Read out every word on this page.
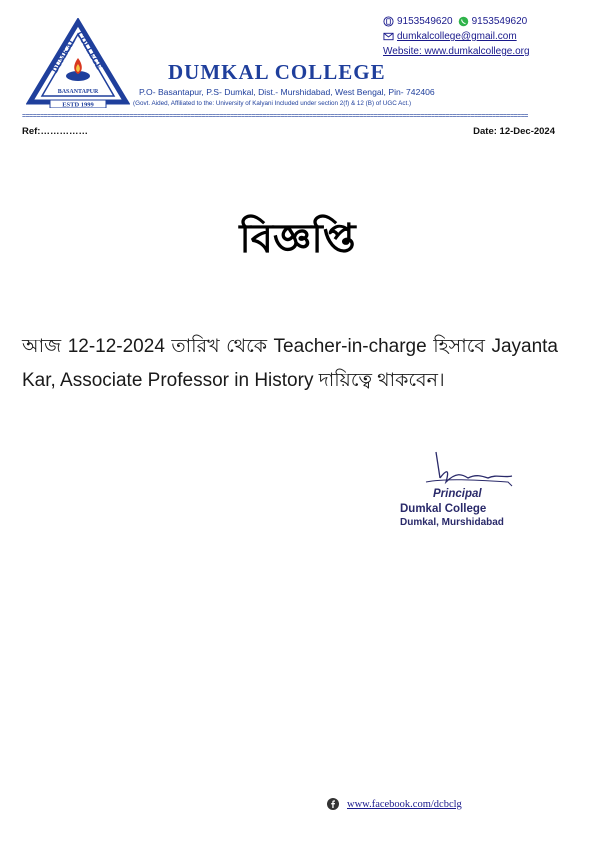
DUMKAL COLLEGE
BASANTAPUR
ESTD 1999
9153549620 9153549620
dumkalcollege@gmail.com
Website: www.dumkalcollege.org
DUMKAL COLLEGE
P.O- Basantapur, P.S- Dumkal, Dist.- Murshidabad, West Bengal, Pin- 742406
(Govt. Aided, Affiliated to the: University of Kalyani Included under section 2(f) & 12 (B) of UGC Act.)
=============================================================================================================================================
Ref:……………	Date: 12-Dec-2024
বিজ্ঞপ্তি
আজ 12-12-2024 তারিখ থেকে Teacher-in-charge হিসাবে Jayanta Kar, Associate Professor in History দায়িত্বে থাকবেন।
Principal
Dumkal College
Dumkal, Murshidabad
www.facebook.com/dcbclg
